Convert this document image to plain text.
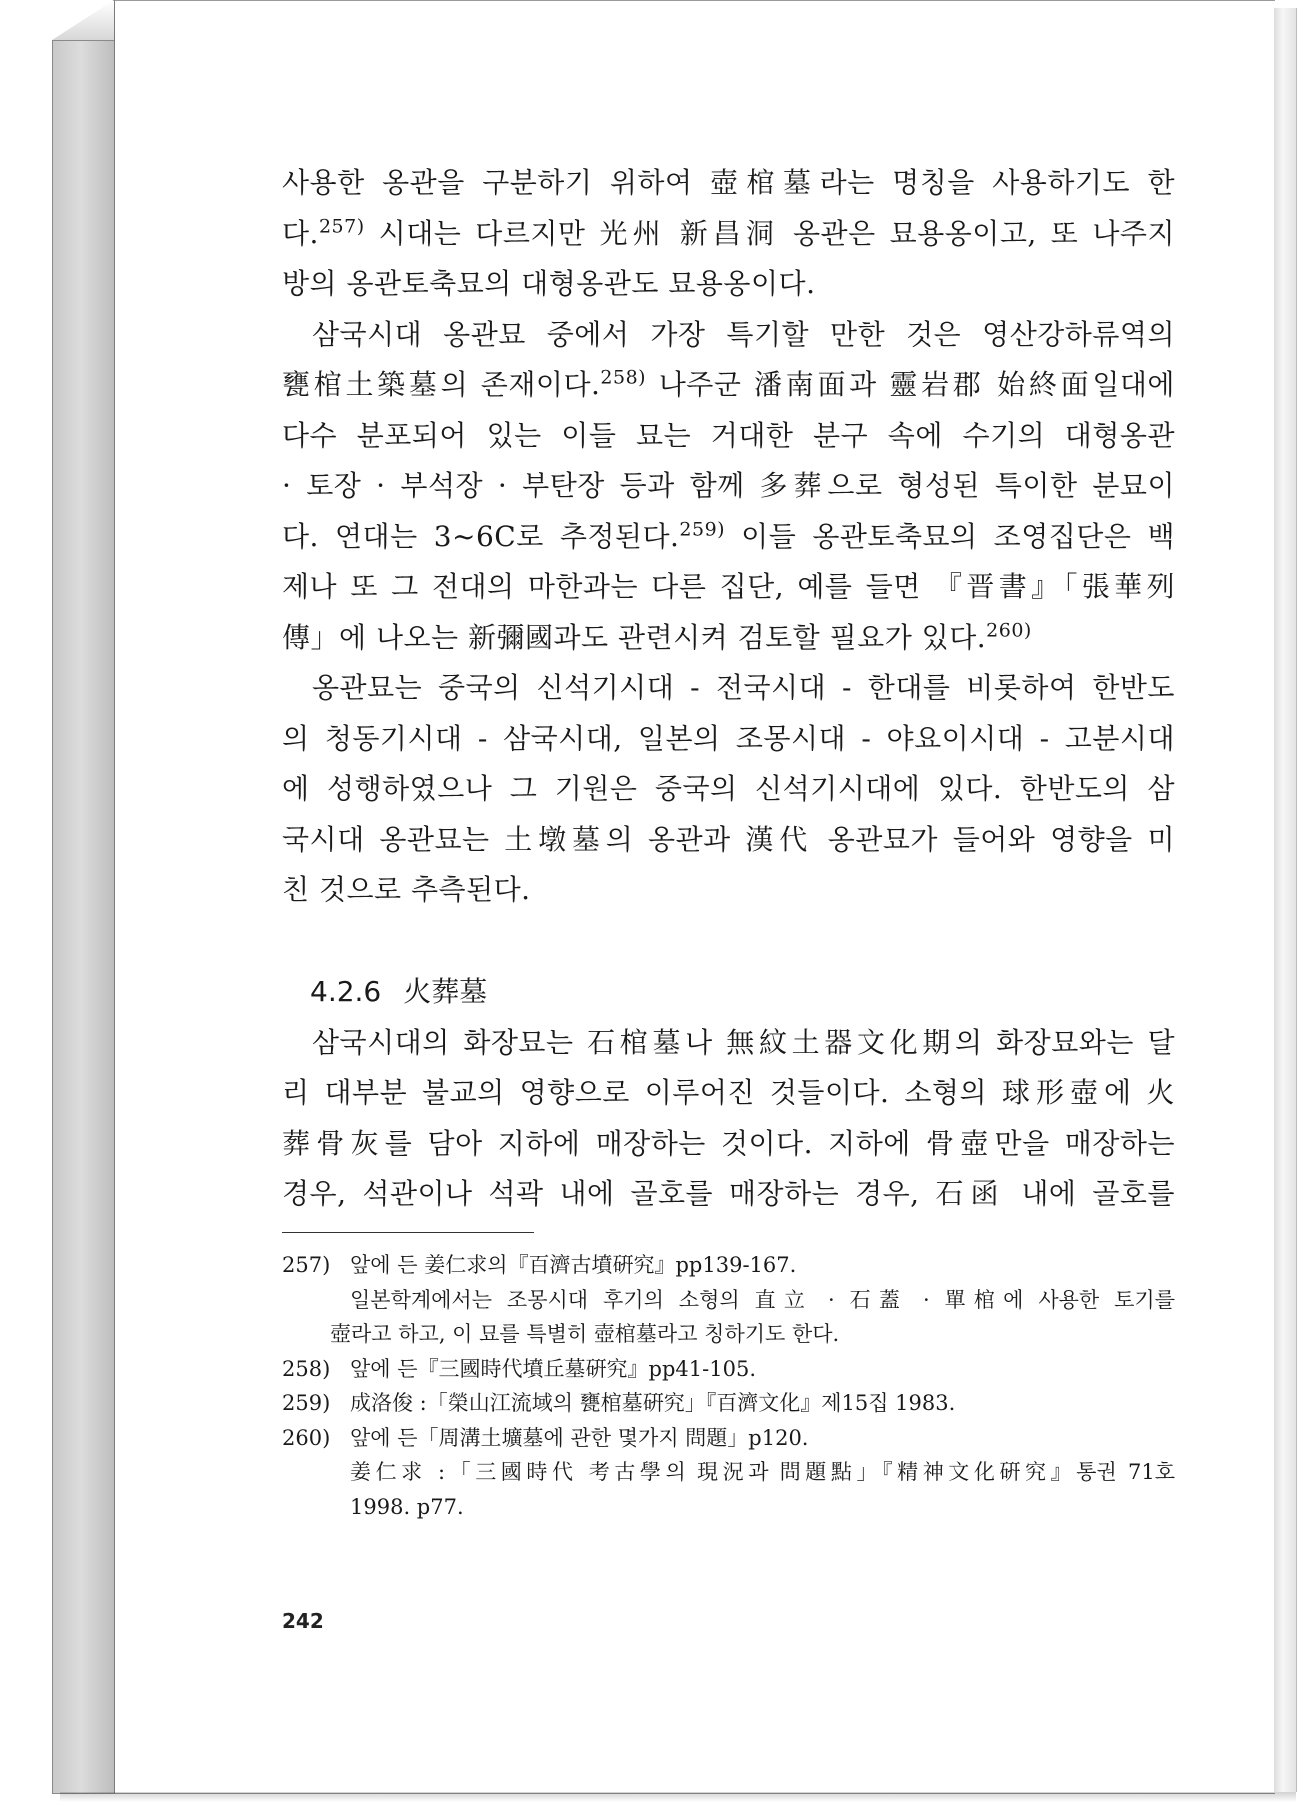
사용한 옹관을 구분하기 위하여 壺棺墓라는 명칭을 사용하기도 한
다.$^{257)}$ 시대는 다르지만 光州 新昌洞 옹관은 묘용옹이고, 또 나주지
방의 옹관토축묘의 대형옹관도 묘용옹이다.
삼국시대 옹관묘 중에서 가장 특기할 만한 것은 영산강하류역의
甕棺土築墓의 존재이다.$^{258)}$ 나주군 潘南面과 靈岩郡 始終面일대에
다수 분포되어 있는 이들 묘는 거대한 분구 속에 수기의 대형옹관
· 토장 · 부석장 · 부탄장 등과 함께 多葬으로 형성된 특이한 분묘이
다. 연대는 3~6C로 추정된다.$^{259)}$ 이들 옹관토축묘의 조영집단은 백
제나 또 그 전대의 마한과는 다른 집단, 예를 들면 『晋書』「張華列
傳」에 나오는 新彌國과도 관련시켜 검토할 필요가 있다.$^{260)}$
옹관묘는 중국의 신석기시대 - 전국시대 - 한대를 비롯하여 한반도
의 청동기시대 - 삼국시대, 일본의 조몽시대 - 야요이시대 - 고분시대
에 성행하였으나 그 기원은 중국의 신석기시대에 있다. 한반도의 삼
국시대 옹관묘는 土墩墓의 옹관과 漢代 옹관묘가 들어와 영향을 미
친 것으로 추측된다.
4.2.6 火葬墓
삼국시대의 화장묘는 石棺墓나 無紋土器文化期의 화장묘와는 달
리 대부분 불교의 영향으로 이루어진 것들이다. 소형의 球形壺에 火
葬骨灰를 담아 지하에 매장하는 것이다. 지하에 骨壺만을 매장하는
경우, 석관이나 석곽 내에 골호를 매장하는 경우, 石函 내에 골호를
257) 앞에 든 姜仁求의『百濟古墳硏究』pp139-167.
일본학계에서는 조몽시대 후기의 소형의 直立 · 石蓋 · 單棺에 사용한 토기를
壺라고 하고, 이 묘를 특별히 壺棺墓라고 칭하기도 한다.
258) 앞에 든『三國時代墳丘墓硏究』pp41-105.
259) 成洛俊 :「榮山江流域의 甕棺墓硏究」『百濟文化』제15집 1983.
260) 앞에 든「周溝土壙墓에 관한 몇가지 問題」p120.
姜仁求 :「三國時代 考古學의 現況과 問題點」『精神文化硏究』통권 71호
1998. p77.
242
